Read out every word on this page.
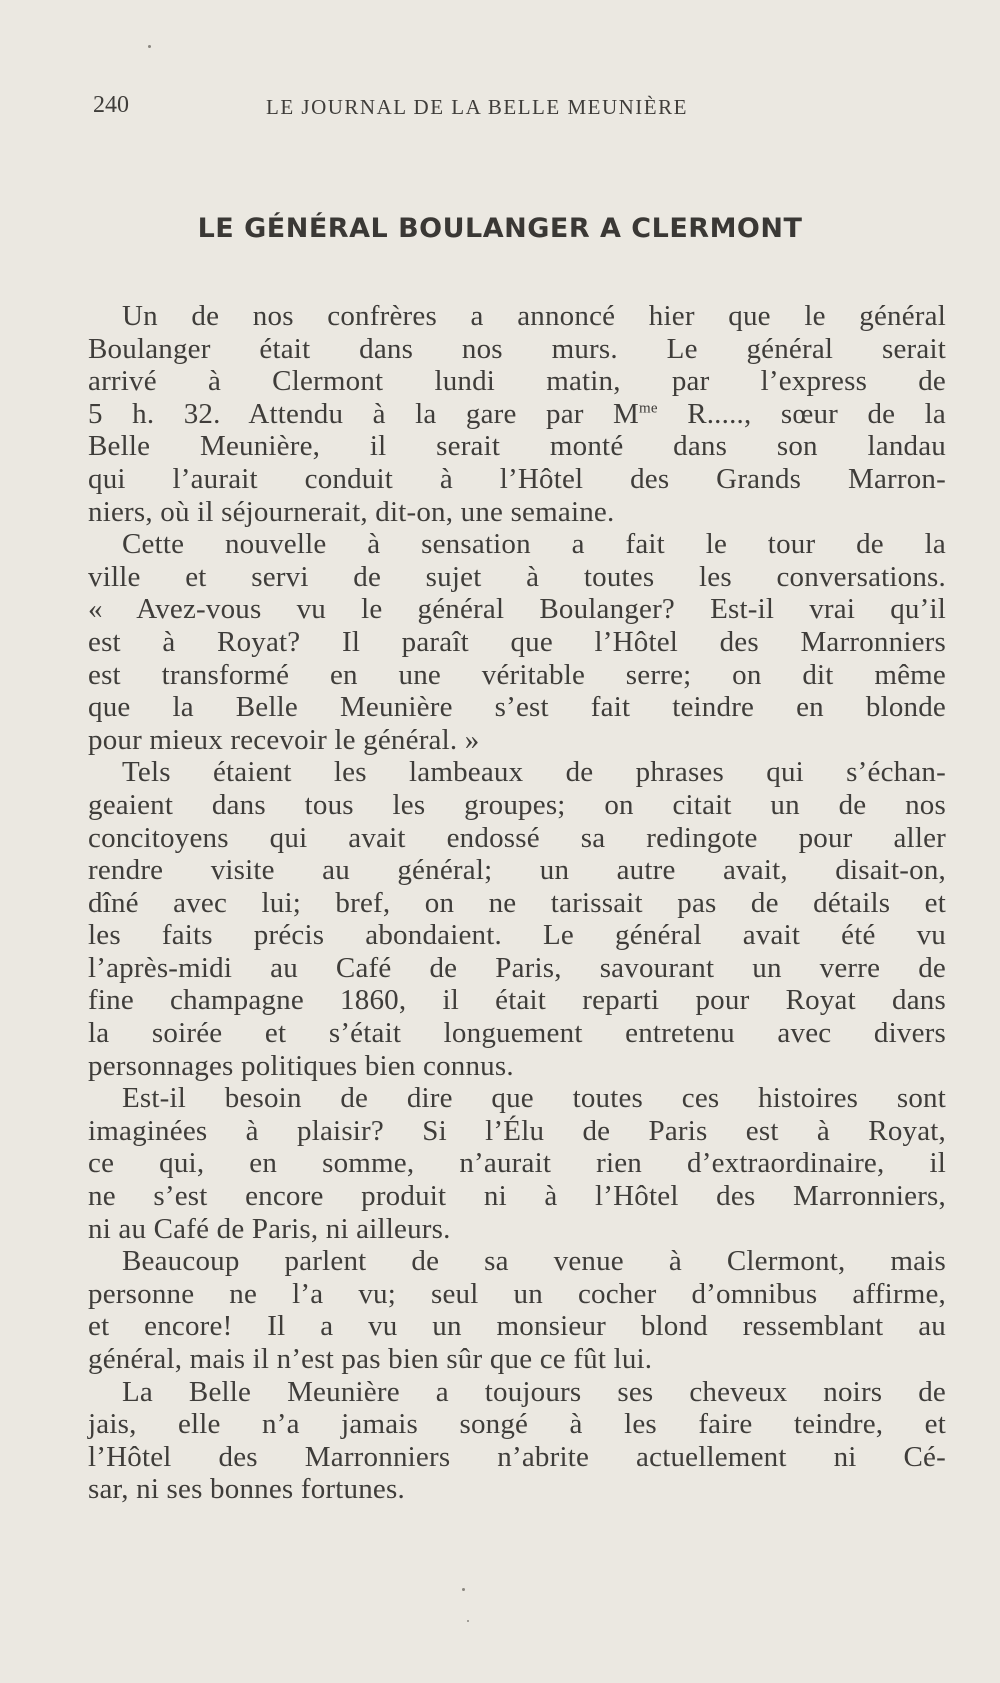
240	LE JOURNAL DE LA BELLE MEUNIÈRE
LE GÉNÉRAL BOULANGER A CLERMONT
Un de nos confrères a annoncé hier que le général
Boulanger était dans nos murs. Le général serait
arrivé à Clermont lundi matin, par l’express de
5 h. 32. Attendu à la gare par $M^{me}$ R....., sœur de la
Belle Meunière, il serait monté dans son landau
qui l’aurait conduit à l’Hôtel des Grands Marron-
niers, où il séjournerait, dit-on, une semaine.
Cette nouvelle à sensation a fait le tour de la
ville et servi de sujet à toutes les conversations.
« Avez-vous vu le général Boulanger? Est-il vrai qu’il
est à Royat? Il paraît que l’Hôtel des Marronniers
est transformé en une véritable serre; on dit même
que la Belle Meunière s’est fait teindre en blonde
pour mieux recevoir le général. »
Tels étaient les lambeaux de phrases qui s’échan-
geaient dans tous les groupes; on citait un de nos
concitoyens qui avait endossé sa redingote pour aller
rendre visite au général; un autre avait, disait-on,
dîné avec lui; bref, on ne tarissait pas de détails et
les faits précis abondaient. Le général avait été vu
l’après-midi au Café de Paris, savourant un verre de
fine champagne 1860, il était reparti pour Royat dans
la soirée et s’était longuement entretenu avec divers
personnages politiques bien connus.
Est-il besoin de dire que toutes ces histoires sont
imaginées à plaisir? Si l’Élu de Paris est à Royat,
ce qui, en somme, n’aurait rien d’extraordinaire, il
ne s’est encore produit ni à l’Hôtel des Marronniers,
ni au Café de Paris, ni ailleurs.
Beaucoup parlent de sa venue à Clermont, mais
personne ne l’a vu; seul un cocher d’omnibus affirme,
et encore! Il a vu un monsieur blond ressemblant au
général, mais il n’est pas bien sûr que ce fût lui.
La Belle Meunière a toujours ses cheveux noirs de
jais, elle n’a jamais songé à les faire teindre, et
l’Hôtel des Marronniers n’abrite actuellement ni Cé-
sar, ni ses bonnes fortunes.
